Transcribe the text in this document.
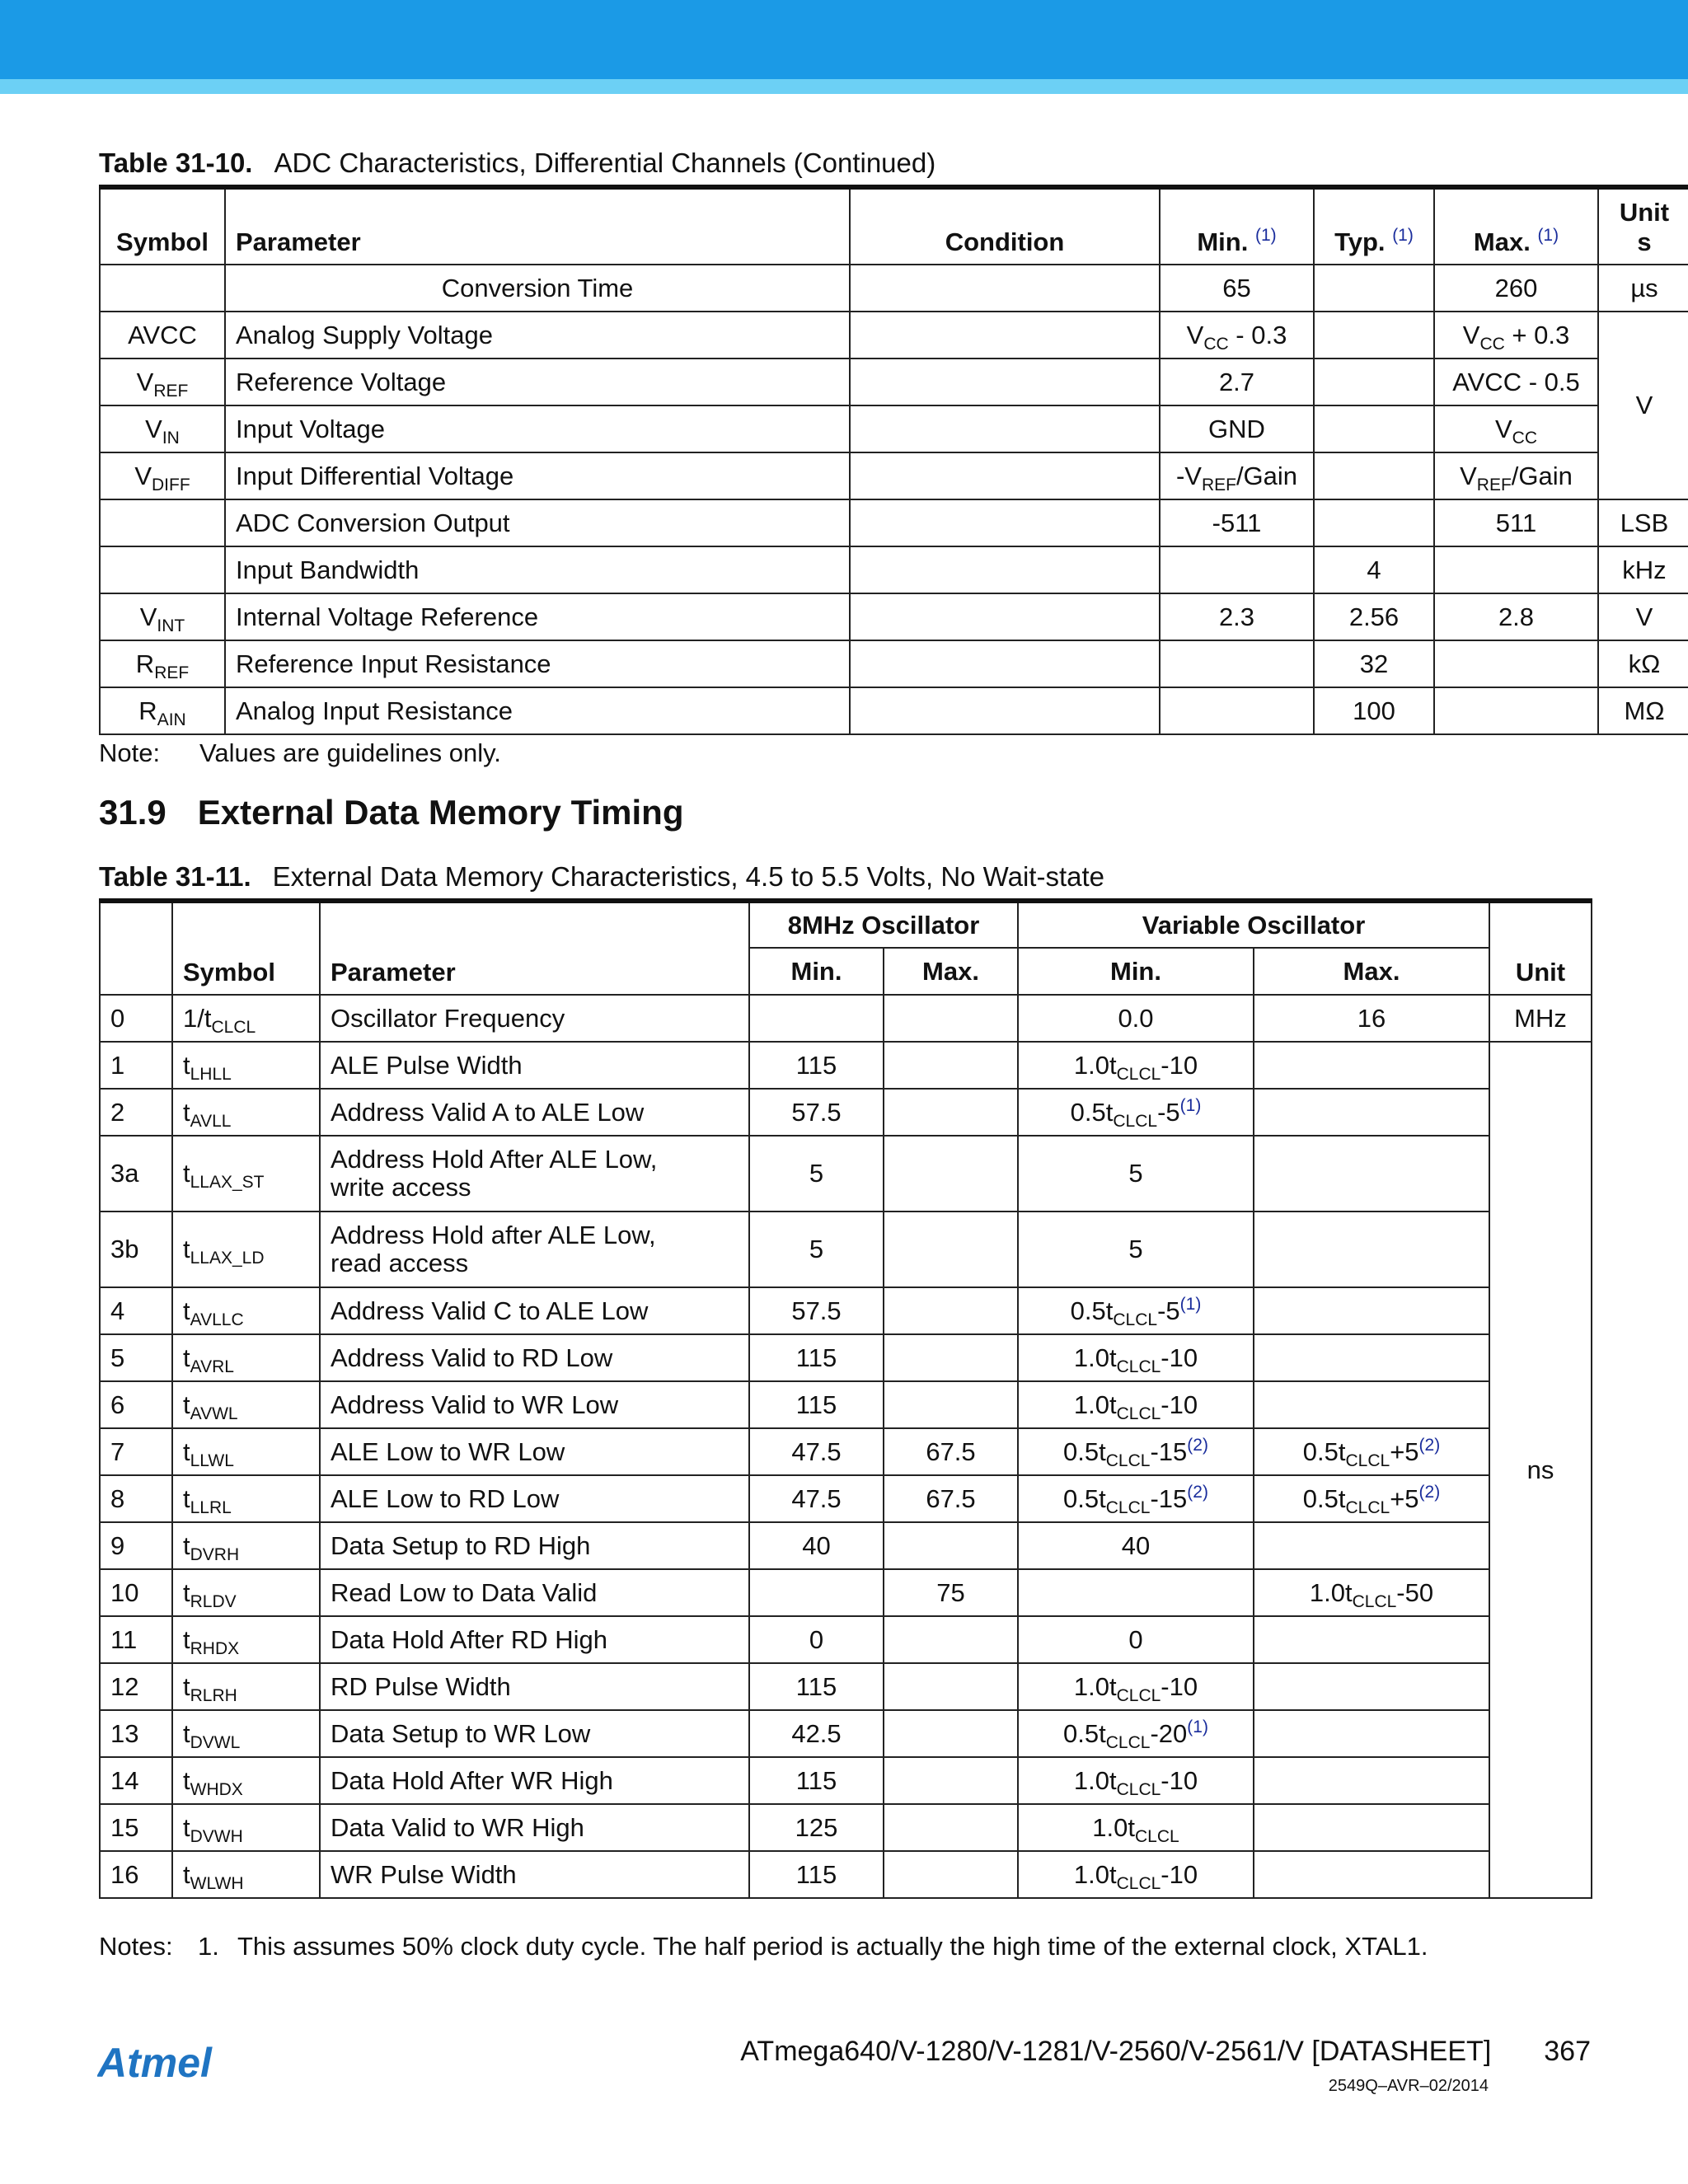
Table 31-10. ADC Characteristics, Differential Channels (Continued)
Symbol	Parameter	Condition	Min. $^{(1)}$	Typ. $^{(1)}$	Max. $^{(1)}$	Unit s
	Conversion Time		65		260	µs
AVCC	Analog Supply Voltage		$V_{CC} - 0.3$		$V_{CC} + 0.3$	V
$V_{REF}$	Reference Voltage		2.7		AVCC - 0.5	
$V_{IN}$	Input Voltage		GND		$V_{CC}$
$V_{DIFF}$	Input Differential Voltage		$-V_{REF}$/Gain		$V_{REF}$/Gain	
	ADC Conversion Output		-511		511	LSB
	Input Bandwidth			4		kHz
$V_{INT}$	Internal Voltage Reference		2.3	2.56	2.8	V
$R_{REF}$	Reference Input Resistance			32		kΩ
$R_{AIN}$	Analog Input Resistance			100		MΩ
Note: Values are guidelines only.
31.9 External Data Memory Timing
Table 31-11. External Data Memory Characteristics, 4.5 to 5.5 Volts, No Wait-state
	Symbol	Parameter	8MHz Oscillator		Variable Oscillator		Unit
			Min.	Max.	Min.	Max.	
0	$1/t_{CLCL}$	Oscillator Frequency			0.0	16	MHz
1	$t_{LHLL}$	ALE Pulse Width	115		$1.0t_{CLCL}-10$		ns
2	$t_{AVLL}$	Address Valid A to ALE Low	57.5		$0.5t_{CLCL}-5^{(1)}$	
3a	$t_{LLAX\_ST}$	Address Hold After ALE Low,
write access	5		5		
3b	$t_{LLAX\_LD}$	Address Hold after ALE Low,
read access	5		5		
4	$t_{AVLLC}$	Address Valid C to ALE Low	57.5		$0.5t_{CLCL}-5^{(1)}$	
5	$t_{AVRL}$	Address Valid to RD Low	115		$1.0t_{CLCL}-10$		
6	$t_{AVWL}$	Address Valid to WR Low	115		$1.0t_{CLCL}-10$		
7	$t_{LLWL}$	ALE Low to WR Low	47.5	67.5	$0.5t_{CLCL}-15^{(2)}$	$0.5t_{CLCL}+5^{(2)}$
8	$t_{LLRL}$	ALE Low to RD Low	47.5	67.5	$0.5t_{CLCL}-15^{(2)}$	$0.5t_{CLCL}+5^{(2)}$
9	$t_{DVRH}$	Data Setup to RD High	40		40		
10	$t_{RLDV}$	Read Low to Data Valid		75		$1.0t_{CLCL}-50$	
11	$t_{RHDX}$	Data Hold After RD High	0		0		
12	$t_{RLRH}$	RD Pulse Width	115		$1.0t_{CLCL}-10$		
13	$t_{DVWL}$	Data Setup to WR Low	42.5		$0.5t_{CLCL}-20^{(1)}$	
14	$t_{WHDX}$	Data Hold After WR High	115		$1.0t_{CLCL}-10$		
15	$t_{DVWH}$	Data Valid to WR High	125		$1.0t_{CLCL}$	
16	$t_{WLWH}$	WR Pulse Width	115		$1.0t_{CLCL}-10$		
Notes: 1. This assumes 50% clock duty cycle. The half period is actually the high time of the external clock, XTAL1.
Atmel	ATmega640/V-1280/V-1281/V-2560/V-2561/V [DATASHEET] 367
2549Q–AVR–02/2014
